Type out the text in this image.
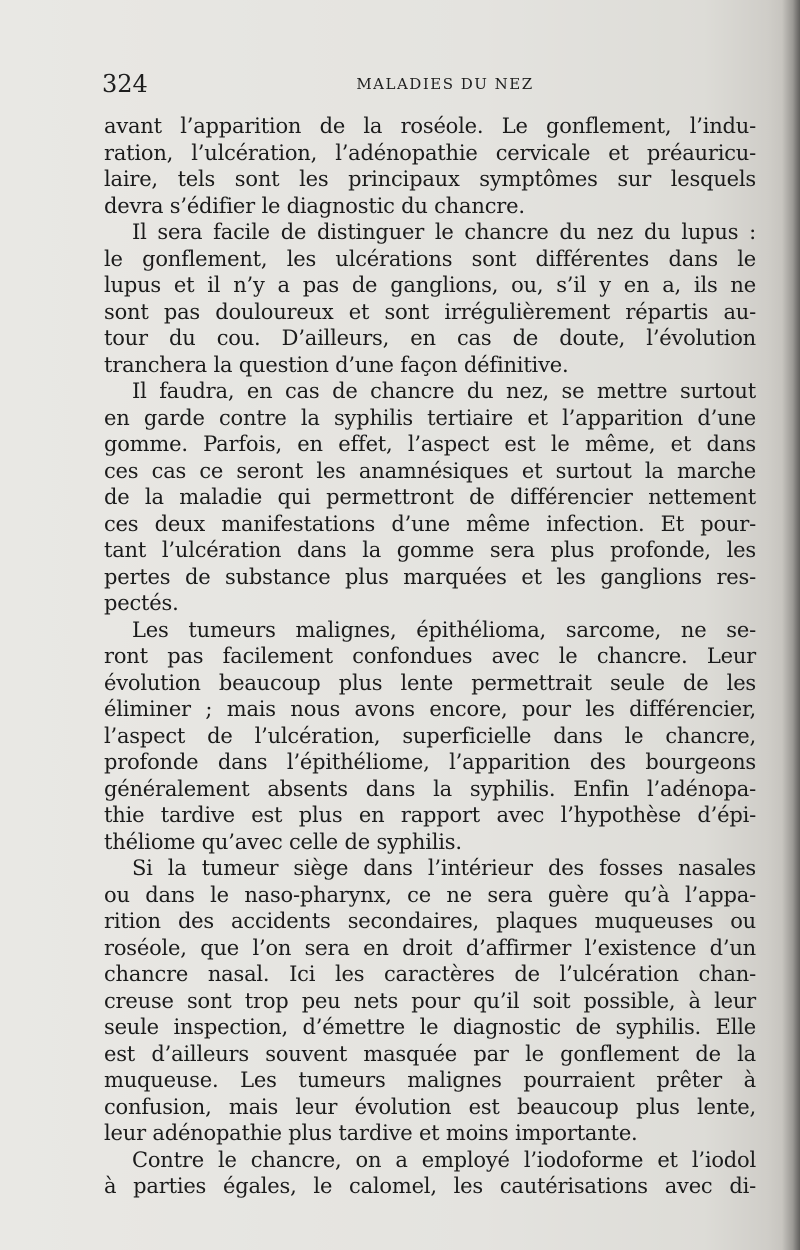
324	MALADIES DU NEZ
avant l’apparition de la roséole. Le gonflement, l’indu-
ration, l’ulcération, l’adénopathie cervicale et préauricu-
laire, tels sont les principaux symptômes sur lesquels
devra s’édifier le diagnostic du chancre.
Il sera facile de distinguer le chancre du nez du lupus :
le gonflement, les ulcérations sont différentes dans le
lupus et il n’y a pas de ganglions, ou, s’il y en a, ils ne
sont pas douloureux et sont irrégulièrement répartis au-
tour du cou. D’ailleurs, en cas de doute, l’évolution
tranchera la question d’une façon définitive.
Il faudra, en cas de chancre du nez, se mettre surtout
en garde contre la syphilis tertiaire et l’apparition d’une
gomme. Parfois, en effet, l’aspect est le même, et dans
ces cas ce seront les anamnésiques et surtout la marche
de la maladie qui permettront de différencier nettement
ces deux manifestations d’une même infection. Et pour-
tant l’ulcération dans la gomme sera plus profonde, les
pertes de substance plus marquées et les ganglions res-
pectés.
Les tumeurs malignes, épithélioma, sarcome, ne se-
ront pas facilement confondues avec le chancre. Leur
évolution beaucoup plus lente permettrait seule de les
éliminer ; mais nous avons encore, pour les différencier,
l’aspect de l’ulcération, superficielle dans le chancre,
profonde dans l’épithéliome, l’apparition des bourgeons
généralement absents dans la syphilis. Enfin l’adénopa-
thie tardive est plus en rapport avec l’hypothèse d’épi-
théliome qu’avec celle de syphilis.
Si la tumeur siège dans l’intérieur des fosses nasales
ou dans le naso-pharynx, ce ne sera guère qu’à l’appa-
rition des accidents secondaires, plaques muqueuses ou
roséole, que l’on sera en droit d’affirmer l’existence d’un
chancre nasal. Ici les caractères de l’ulcération chan-
creuse sont trop peu nets pour qu’il soit possible, à leur
seule inspection, d’émettre le diagnostic de syphilis. Elle
est d’ailleurs souvent masquée par le gonflement de la
muqueuse. Les tumeurs malignes pourraient prêter à
confusion, mais leur évolution est beaucoup plus lente,
leur adénopathie plus tardive et moins importante.
Contre le chancre, on a employé l’iodoforme et l’iodol
à parties égales, le calomel, les cautérisations avec di-
